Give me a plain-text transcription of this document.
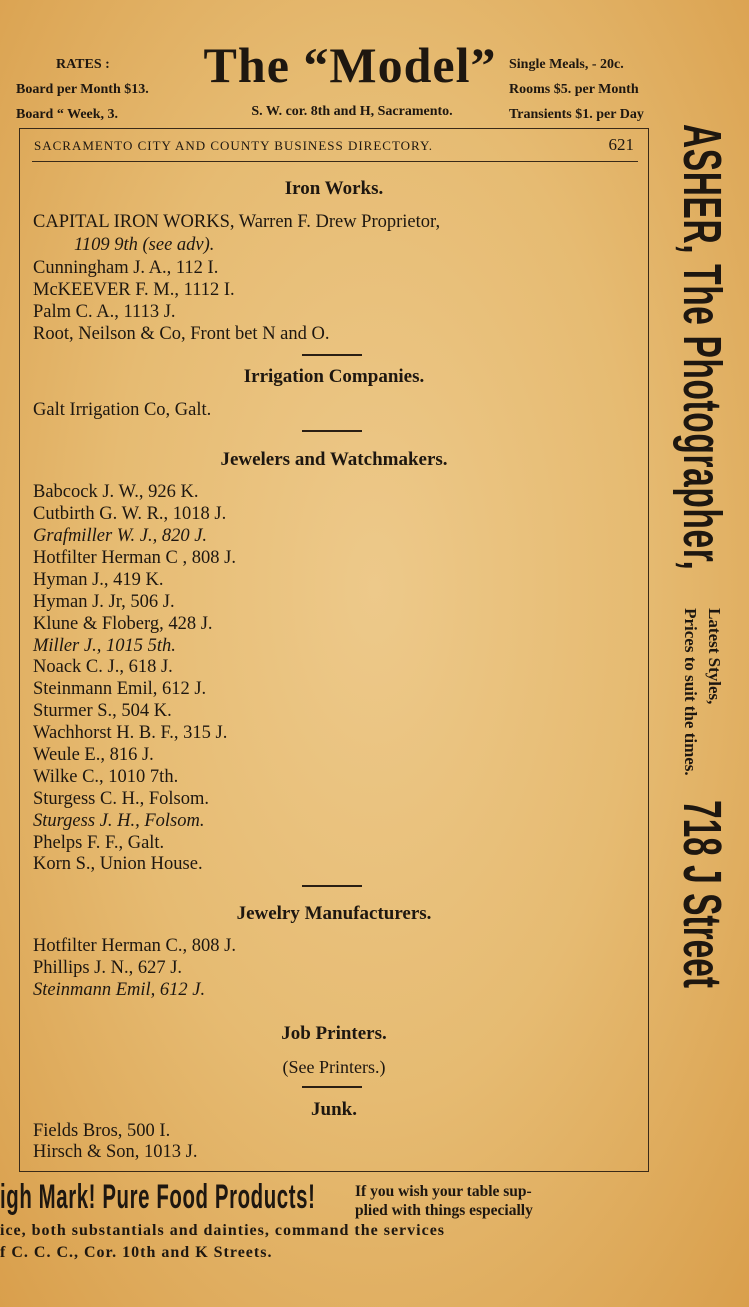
RATES :
Board per Month $13.
Board “ Week, 3.
The “Model”
S. W. cor. 8th and H, Sacramento.
Single Meals, - 20c.
Rooms $5. per Month
Transients $1. per Day
SACRAMENTO CITY AND COUNTY BUSINESS DIRECTORY.	621
Iron Works.
CAPITAL IRON WORKS, Warren F. Drew Proprietor,
1109 9th (see adv).
Cunningham J. A., 112 I.
McKEEVER F. M., 1112 I.
Palm C. A., 1113 J.
Root, Neilson & Co, Front bet N and O.
Irrigation Companies.
Galt Irrigation Co, Galt.
Jewelers and Watchmakers.
Babcock J. W., 926 K.
Cutbirth G. W. R., 1018 J.
Grafmiller W. J., 820 J.
Hotfilter Herman C , 808 J.
Hyman J., 419 K.
Hyman J. Jr, 506 J.
Klune & Floberg, 428 J.
Miller J., 1015 5th.
Noack C. J., 618 J.
Steinmann Emil, 612 J.
Sturmer S., 504 K.
Wachhorst H. B. F., 315 J.
Weule E., 816 J.
Wilke C., 1010 7th.
Sturgess C. H., Folsom.
Sturgess J. H., Folsom.
Phelps F. F., Galt.
Korn S., Union House.
Jewelry Manufacturers.
Hotfilter Herman C., 808 J.
Phillips J. N., 627 J.
Steinmann Emil, 612 J.
Job Printers.
(See Printers.)
Junk.
Fields Bros, 500 I.
Hirsch & Son, 1013 J.
ASHER, The Photographer,
Latest Styles,
Prices to suit the times.
718 J Street
igh Mark! Pure Food Products!	If you wish your table sup-
plied with things especially
ice, both substantials and dainties, command the services
f C. C. C., Cor. 10th and K Streets.
